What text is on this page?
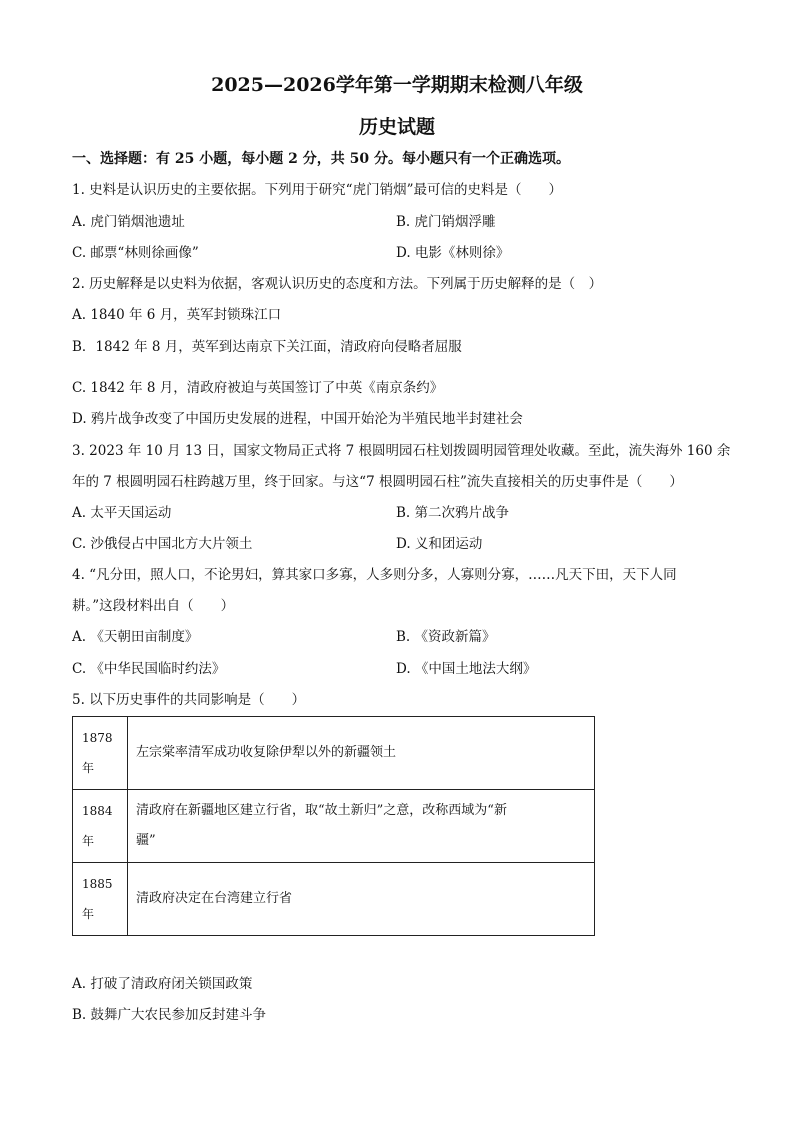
2025—2026学年第一学期期末检测八年级
历史试题
一、选择题：有 25 小题，每小题 2 分，共 50 分。每小题只有一个正确选项。
1. 史料是认识历史的主要依据。下列用于研究“虎门销烟”最可信的史料是（　　）
A. 虎门销烟池遗址	B. 虎门销烟浮雕
C. 邮票“林则徐画像”	D. 电影《林则徐》
2. 历史解释是以史料为依据，客观认识历史的态度和方法。下列属于历史解释的是（　）
A. 1840 年 6 月，英军封锁珠江口
B．1842 年 8 月，英军到达南京下关江面，清政府向侵略者屈服
C. 1842 年 8 月，清政府被迫与英国签订了中英《南京条约》
D. 鸦片战争改变了中国历史发展的进程，中国开始沦为半殖民地半封建社会
3. 2023 年 10 月 13 日，国家文物局正式将 7 根圆明园石柱划拨圆明园管理处收藏。至此，流失海外 160 余
年的 7 根圆明园石柱跨越万里，终于回家。与这“7 根圆明园石柱”流失直接相关的历史事件是（　　）
A. 太平天国运动	B. 第二次鸦片战争
C. 沙俄侵占中国北方大片领土	D. 义和团运动
4. “凡分田，照人口，不论男妇，算其家口多寡，人多则分多，人寡则分寡，……凡天下田，天下人同
耕。”这段材料出自（　　）
A. 《天朝田亩制度》	B. 《资政新篇》
C. 《中华民国临时约法》	D. 《中国土地法大纲》
5. 以下历史事件的共同影响是（　　）
1878
年	左宗棠率清军成功收复除伊犁以外的新疆领土
1884
年	清政府在新疆地区建立行省，取“故土新归”之意，改称西域为“新
疆”
1885
年	清政府决定在台湾建立行省
A. 打破了清政府闭关锁国政策
B. 鼓舞广大农民参加反封建斗争
